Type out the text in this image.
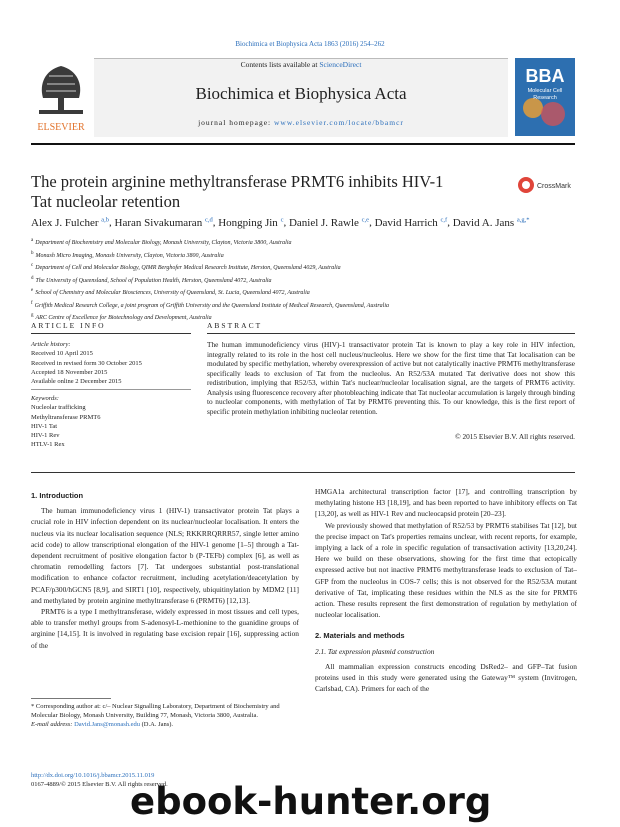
Biochimica et Biophysica Acta 1863 (2016) 254–262
ELSEVIER
Contents lists available at ScienceDirect
Biochimica et Biophysica Acta
journal homepage: www.elsevier.com/locate/bbamcr
BBA
Molecular Cell Research
The protein arginine methyltransferase PRMT6 inhibits HIV-1 Tat nucleolar retention
CrossMark
Alex J. Fulcher $^{a,b}$, Haran Sivakumaran $^{c,d}$, Hongping Jin $^c$, Daniel J. Rawle $^{c,e}$, David Harrich $^{c,f}$, David A. Jans $^{a,g,*}$
$^a$ Department of Biochemistry and Molecular Biology, Monash University, Clayton, Victoria 3800, Australia
$^b$ Monash Micro Imaging, Monash University, Clayton, Victoria 3800, Australia
$^c$ Department of Cell and Molecular Biology, QIMR Berghofer Medical Research Institute, Herston, Queensland 4029, Australia
$^d$ The University of Queensland, School of Population Health, Herston, Queensland 4072, Australia
$^e$ School of Chemistry and Molecular Biosciences, University of Queensland, St. Lucia, Queensland 4072, Australia
$^f$ Griffith Medical Research College, a joint program of Griffith University and the Queensland Institute of Medical Research, Queensland, Australia
$^g$ ARC Centre of Excellence for Biotechnology and Development, Australia
ARTICLE INFO	ABSTRACT
Article history:
Received 10 April 2015
Received in revised form 30 October 2015
Accepted 18 November 2015
Available online 2 December 2015
Keywords:
Nucleolar trafficking
Methyltransferase PRMT6
HIV-1 Tat
HIV-1 Rev
HTLV-1 Rex
The human immunodeficiency virus (HIV)-1 transactivator protein Tat is known to play a key role in HIV infection, integrally related to its role in the host cell nucleus/nucleolus. Here we show for the first time that Tat localisation can be modulated by specific methylation, whereby overexpression of active but not catalytically inactive PRMT6 methyltransferase specifically leads to exclusion of Tat from the nucleolus. An R52/53A mutated Tat derivative does not show this redistribution, implying that R52/53, within Tat's nuclear/nucleolar localisation signal, are the targets of PRMT6 activity. Analysis using fluorescence recovery after photobleaching indicate that Tat nucleolar accumulation is largely through binding to nucleolar components, with methylation of Tat by PRMT6 preventing this. To our knowledge, this is the first report of specific protein methylation inhibiting nucleolar retention.
© 2015 Elsevier B.V. All rights reserved.
1. Introduction

The human immunodeficiency virus 1 (HIV-1) transactivator protein Tat plays a crucial role in HIV infection dependent on its nuclear/nucleolar localisation. It enters the nucleus via its nuclear localisation sequence (NLS; RKKRRQRRR57, single letter amino acid code) to allow transcriptional elongation of the HIV-1 genome [1–5] through a Tat-dependent recruitment of positive elongation factor b (P-TEFb) complex [6], as well as chromatin remodelling factors [7]. Tat undergoes substantial post-translational modification to enhance cofactor recruitment, including acetylation/deacetylation by PCAF/p300/hGCN5 [8,9], and SIRT1 [10], respectively, ubiquitinylation by MDM2 [11] and methylated by protein arginine methyltransferase 6 (PRMT6) [12,13].

PRMT6 is a type I methyltransferase, widely expressed in most tissues and cell types, able to transfer methyl groups from S-adenosyl-L-methionine to the guanidine groups of arginine [14,15]. It is involved in regulating base excision repair [16], suppressing action of the

HMGA1a architectural transcription factor [17], and controlling transcription by methylating histone H3 [18,19], and has been reported to have inhibitory effects on Tat [13,20], as well as HIV-1 Rev and nucleocapsid protein [20–23].

We previously showed that methylation of R52/53 by PRMT6 stabilises Tat [12], but the precise impact on Tat's properties remains unclear, with recent reports, for example, implying a lack of a role in specific regulation of transactivation activity [13,20,24]. Here we build on these observations, showing for the first time that ectopically expressed active but not inactive PRMT6 methyltransferase leads to exclusion of Tat–GFP from the nucleolus in COS-7 cells; this is not observed for the R52/53A mutant derivative of Tat, implicating these residues within the NLS as the site for PRMT6 action. These results represent the first demonstration of regulation by methylation of nucleolar localisation.

2. Materials and methods
2.1. Tat expression plasmid construction

All mammalian expression constructs encoding DsRed2– and GFP–Tat fusion proteins used in this study were generated using the Gateway™ system (Invitrogen, Carlsbad, CA). Primers for each of the

* Corresponding author at: c/– Nuclear Signalling Laboratory, Department of Biochemistry and Molecular Biology, Monash University, Building 77, Monash, Victoria 3800, Australia.
E-mail address: David.Jans@monash.edu (D.A. Jans).
http://dx.doi.org/10.1016/j.bbamcr.2015.11.019
0167-4889/© 2015 Elsevier B.V. All rights reserved.
ebook-hunter.org
